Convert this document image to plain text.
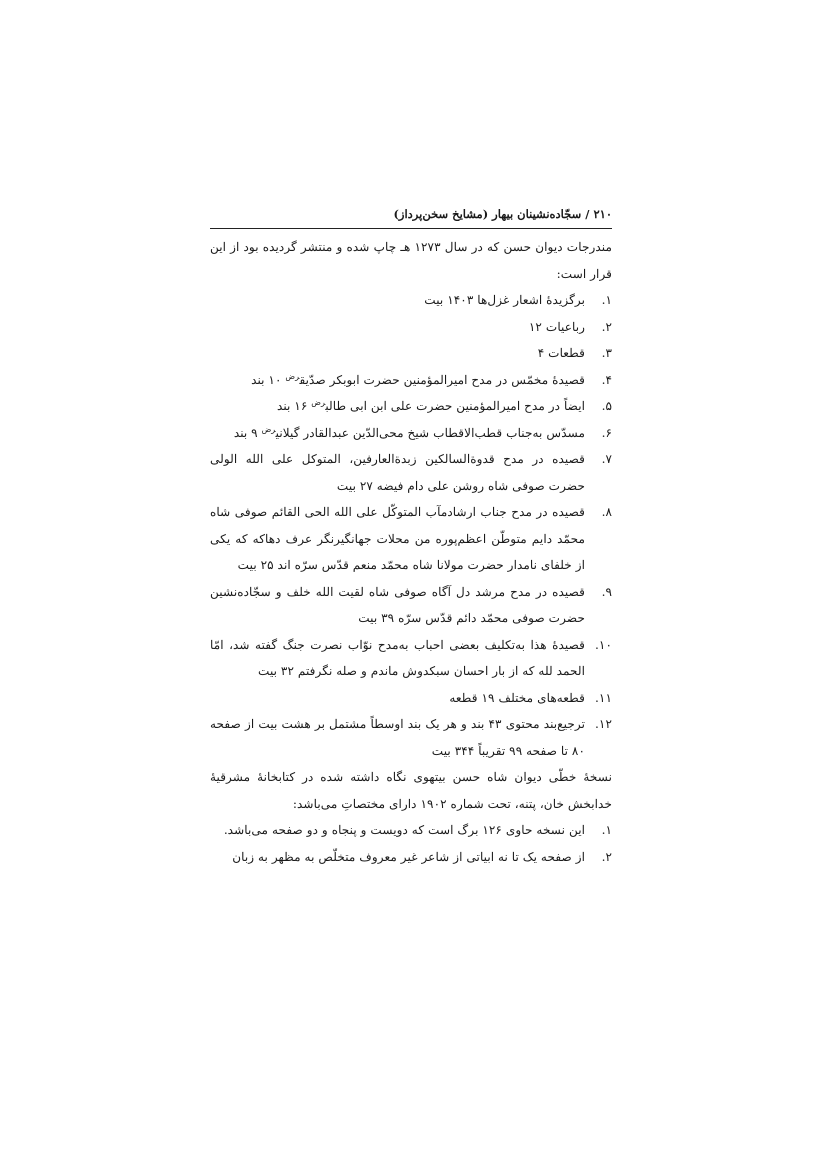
۲۱۰ / سجّاده‌نشینان بیهار (مشایخ سخن‌پرداز)

مندرجات دیوان حسن که در سال ۱۲۷۳ هـ چاپ شده و منتشر گردیده بود از این قرار است:

۱.
برگزیدۀ اشعار غزل‌ها ۱۴۰۳ بیت
۲.
رباعیات ۱۲
۳.
قطعات ۴
۴.
قصیدۀ مخمّس در مدح امیرالمؤمنین حضرت ابوبکر صدّیق$^{رض}$ ۱۰ بند
۵.
ایضاً در مدح امیرالمؤمنین حضرت علی ابن ابی طالب$^{رض}$ ۱۶ بند
۶.
مسدّس به‌جناب قطب‌الاقطاب شیخ محی‌الدّین عبدالقادر گیلانی$^{رض}$ ۹ بند
۷.
قصیده در مدح قدوة‌السالکین زبدة‌العارفین، المتوکل علی الله الولی حضرت صوفی شاه روشن علی دام فیضه ۲۷ بیت
۸.
قصیده در مدح جناب ارشادمآب المتوکّل علی الله الحی القائم صوفی شاه محمّد دایم متوطّن اعظم‌پوره من محلات جهانگیرنگر عرف دهاکه که یکی از خلفای نامدار حضرت مولانا شاه محمّد منعم قدّس سرّه اند ۲۵ بیت
۹.
قصیده در مدح مرشد دل آگاه صوفی شاه لقیت الله خلف و سجّاده‌نشین حضرت صوفی محمّد دائم قدّس سرّه ۳۹ بیت
۱۰.
قصیدۀ هذا به‌تکلیف بعضی احباب به‌مدح نوّاب نصرت جنگ گفته شد، امّا الحمد لله که از بار احسان سبکدوش ماندم و صله نگرفتم ۳۲ بیت
۱۱.
قطعه‌های مختلف ۱۹ قطعه
۱۲.
ترجیع‌بند محتوی ۴۳ بند و هر یک بند اوسطاً مشتمل بر هشت بیت از صفحه ۸۰ تا صفحه ۹۹ تقریباً ۳۴۴ بیت

نسخۀ خطّی دیوان شاه حسن بیتهوی نگاه داشته شده در کتابخانۀ مشرقیۀ خدابخش خان، پتنه، تحت شماره ۱۹۰۲ دارای مختصاتِ می‌باشد:

۱.
این نسخه حاوی ۱۲۶ برگ است که دویست و پنجاه و دو صفحه می‌باشد.
۲.
از صفحه یک تا نه ابیاتی از شاعر غیر معروف متخلّص به مظهر به زبان
